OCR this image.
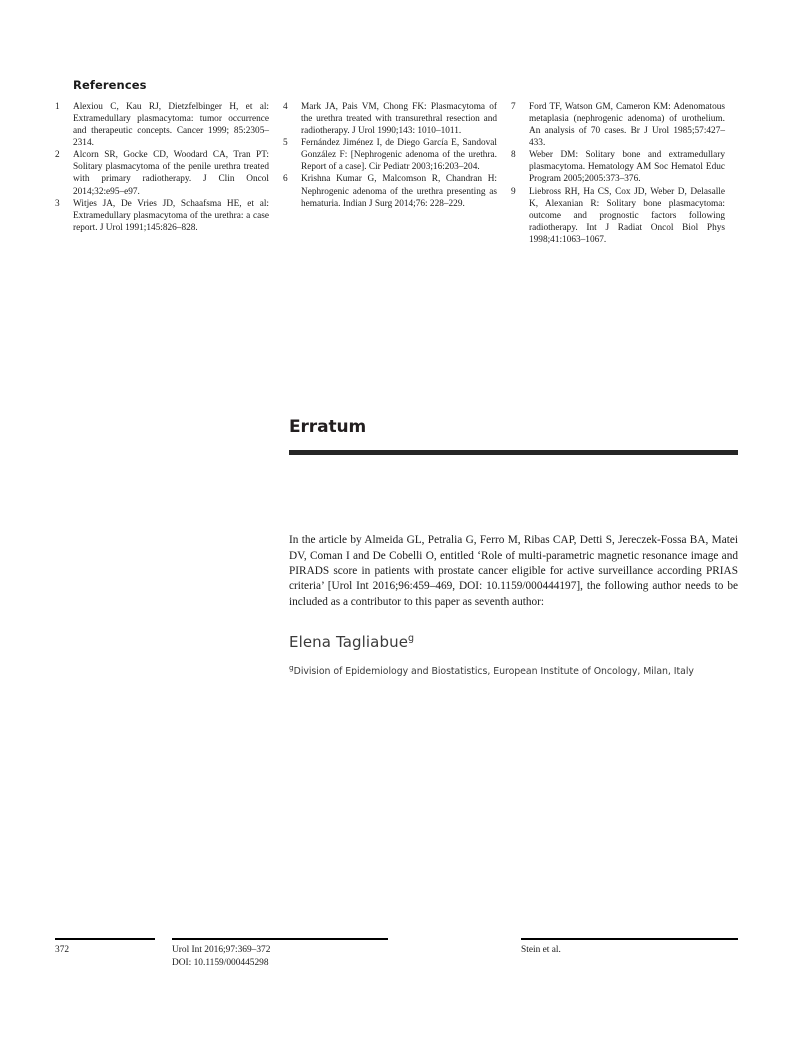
References
1	Alexiou C, Kau RJ, Dietzfelbinger H, et al: Extramedullary plasmacytoma: tumor occurrence and therapeutic concepts. Cancer 1999; 85:2305–2314.
2	Alcorn SR, Gocke CD, Woodard CA, Tran PT: Solitary plasmacytoma of the penile urethra treated with primary radiotherapy. J Clin Oncol 2014;32:e95–e97.
3	Witjes JA, De Vries JD, Schaafsma HE, et al: Extramedullary plasmacytoma of the urethra: a case report. J Urol 1991;145:826–828.
4	Mark JA, Pais VM, Chong FK: Plasmacytoma of the urethra treated with transurethral resection and radiotherapy. J Urol 1990;143: 1010–1011.
5	Fernández Jiménez I, de Diego García E, Sandoval González F: [Nephrogenic adenoma of the urethra. Report of a case]. Cir Pediatr 2003;16:203–204.
6	Krishna Kumar G, Malcomson R, Chandran H: Nephrogenic adenoma of the urethra presenting as hematuria. Indian J Surg 2014;76: 228–229.
7	Ford TF, Watson GM, Cameron KM: Adenomatous metaplasia (nephrogenic adenoma) of urothelium. An analysis of 70 cases. Br J Urol 1985;57:427–433.
8	Weber DM: Solitary bone and extramedullary plasmacytoma. Hematology AM Soc Hematol Educ Program 2005;2005:373–376.
9	Liebross RH, Ha CS, Cox JD, Weber D, Delasalle K, Alexanian R: Solitary bone plasmacytoma: outcome and prognostic factors following radiotherapy. Int J Radiat Oncol Biol Phys 1998;41:1063–1067.
Erratum

In the article by Almeida GL, Petralia G, Ferro M, Ribas CAP, Detti S, Jereczek-Fossa BA, Matei DV, Coman I and De Cobelli O, entitled ‘Role of multi-parametric magnetic resonance image and PIRADS score in patients with prostate cancer eligible for active surveillance according PRIAS criteria’ [Urol Int 2016;96:459–469, DOI: 10.1159/000444197], the following author needs to be included as a contributor to this paper as seventh author:

Elena Tagliabue$^g$
$^g$Division of Epidemiology and Biostatistics, European Institute of Oncology, Milan, Italy
372	Urol Int 2016;97:369–372
DOI: 10.1159/000445298
Stein et al.
